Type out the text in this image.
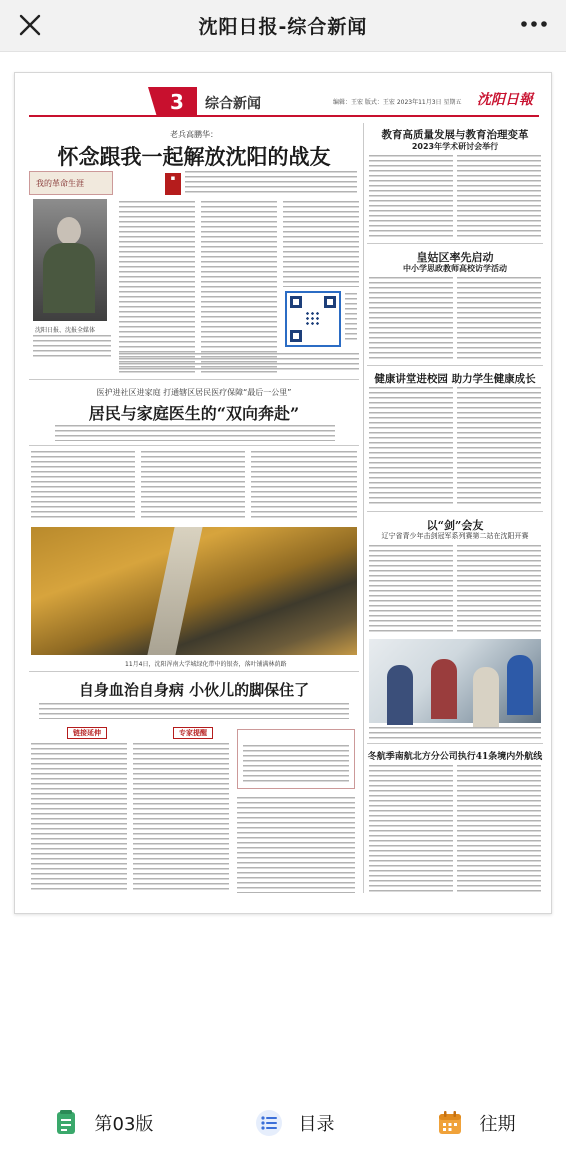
沈阳日报-综合新闻
3	综合新闻	编辑：王宏 版式：王宏 2023年11月3日 星期五 沈阳日報
老兵高鹏华：
怀念跟我一起解放沈阳的战友
▪
我的革命生涯
沈阳日报、沈报全媒体
医护进社区进家庭 打通辖区居民医疗保障“最后一公里”
居民与家庭医生的“双向奔赴”
11月4日，沈阳浑南大学城绿化带中的银杏，落叶铺满林荫路
自身血治自身病 小伙儿的脚保住了
链接延伸	专家提醒
教育高质量发展与教育治理变革
2023年学术研讨会举行
皇姑区率先启动
中小学思政教师高校访学活动
健康讲堂进校园 助力学生健康成长
以“剑”会友
辽宁省青少年击剑冠军系列赛第二站在沈阳开赛
冬航季南航北方分公司执行41条境内外航线
第03版	目录	往期
